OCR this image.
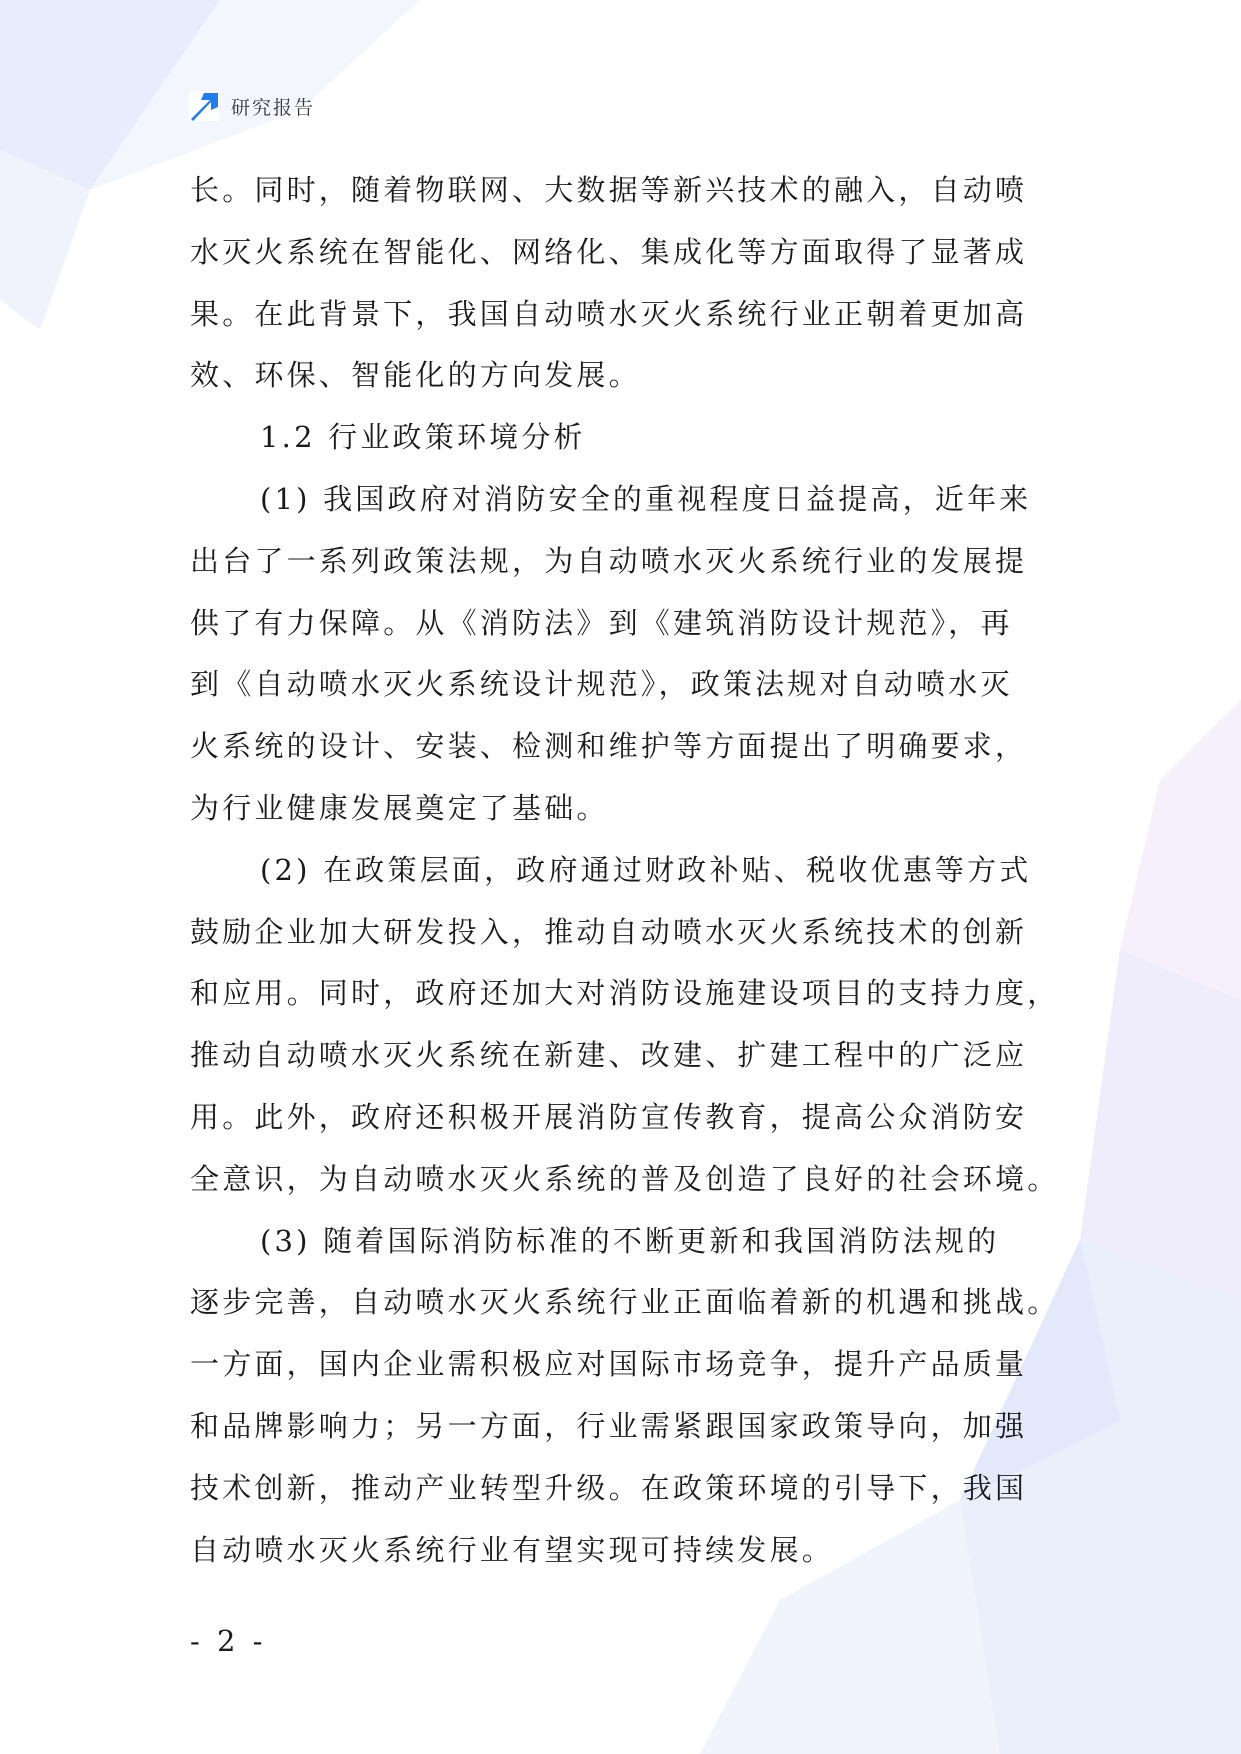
研究报告
长。同时，随着物联网、大数据等新兴技术的融入，自动喷
水灭火系统在智能化、网络化、集成化等方面取得了显著成
果。在此背景下，我国自动喷水灭火系统行业正朝着更加高
效、环保、智能化的方向发展。
1.2 行业政策环境分析
(1) 我国政府对消防安全的重视程度日益提高，近年来
出台了一系列政策法规，为自动喷水灭火系统行业的发展提
供了有力保障。从《消防法》到《建筑消防设计规范》，再
到《自动喷水灭火系统设计规范》，政策法规对自动喷水灭
火系统的设计、安装、检测和维护等方面提出了明确要求，
为行业健康发展奠定了基础。
(2) 在政策层面，政府通过财政补贴、税收优惠等方式
鼓励企业加大研发投入，推动自动喷水灭火系统技术的创新
和应用。同时，政府还加大对消防设施建设项目的支持力度，
推动自动喷水灭火系统在新建、改建、扩建工程中的广泛应
用。此外，政府还积极开展消防宣传教育，提高公众消防安
全意识，为自动喷水灭火系统的普及创造了良好的社会环境。
(3) 随着国际消防标准的不断更新和我国消防法规的
逐步完善，自动喷水灭火系统行业正面临着新的机遇和挑战。
一方面，国内企业需积极应对国际市场竞争，提升产品质量
和品牌影响力；另一方面，行业需紧跟国家政策导向，加强
技术创新，推动产业转型升级。在政策环境的引导下，我国
自动喷水灭火系统行业有望实现可持续发展。
- 2 -
